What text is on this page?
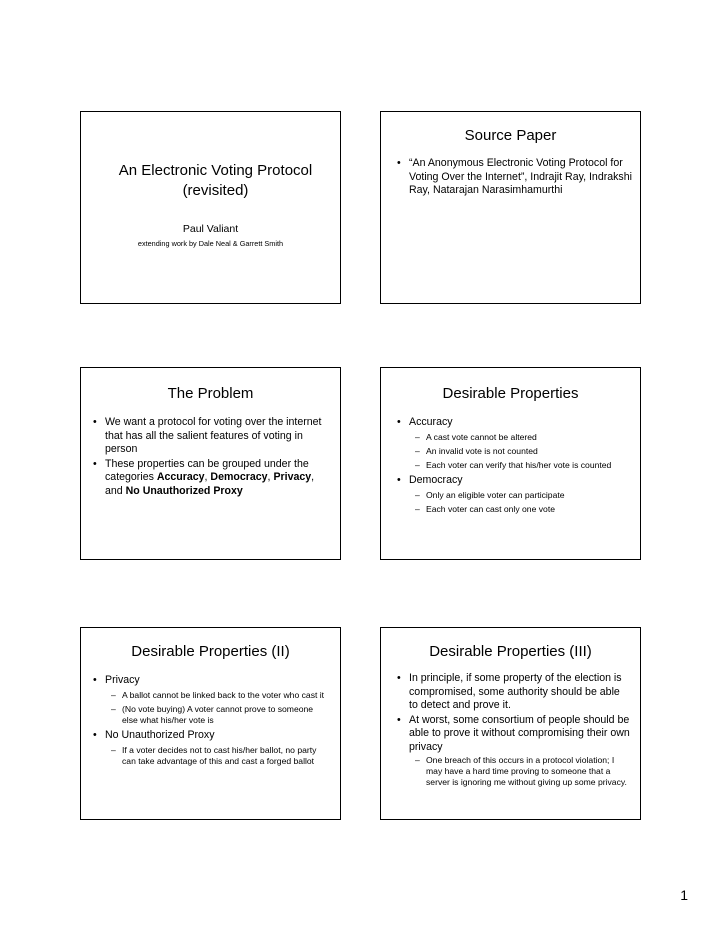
An Electronic Voting Protocol (revisited)
Paul Valiant
extending work by Dale Neal & Garrett Smith
Source Paper
• “An Anonymous Electronic Voting Protocol for Voting Over the Internet”, Indrajit Ray, Indrakshi Ray, Natarajan Narasimhamurthi
The Problem
• We want a protocol for voting over the internet that has all the salient features of voting in person
• These properties can be grouped under the categories Accuracy, Democracy, Privacy, and No Unauthorized Proxy
Desirable Properties
• Accuracy
– A cast vote cannot be altered
– An invalid vote is not counted
– Each voter can verify that his/her vote is counted
• Democracy
– Only an eligible voter can participate
– Each voter can cast only one vote
Desirable Properties (II)
• Privacy
– A ballot cannot be linked back to the voter who cast it
– (No vote buying) A voter cannot prove to someone else what his/her vote is
• No Unauthorized Proxy
– If a voter decides not to cast his/her ballot, no party can take advantage of this and cast a forged ballot
Desirable Properties (III)
• In principle, if some property of the election is compromised, some authority should be able to detect and prove it.
• At worst, some consortium of people should be able to prove it without compromising their own privacy
– One breach of this occurs in a protocol violation; I may have a hard time proving to someone that a server is ignoring me without giving up some privacy.
1
